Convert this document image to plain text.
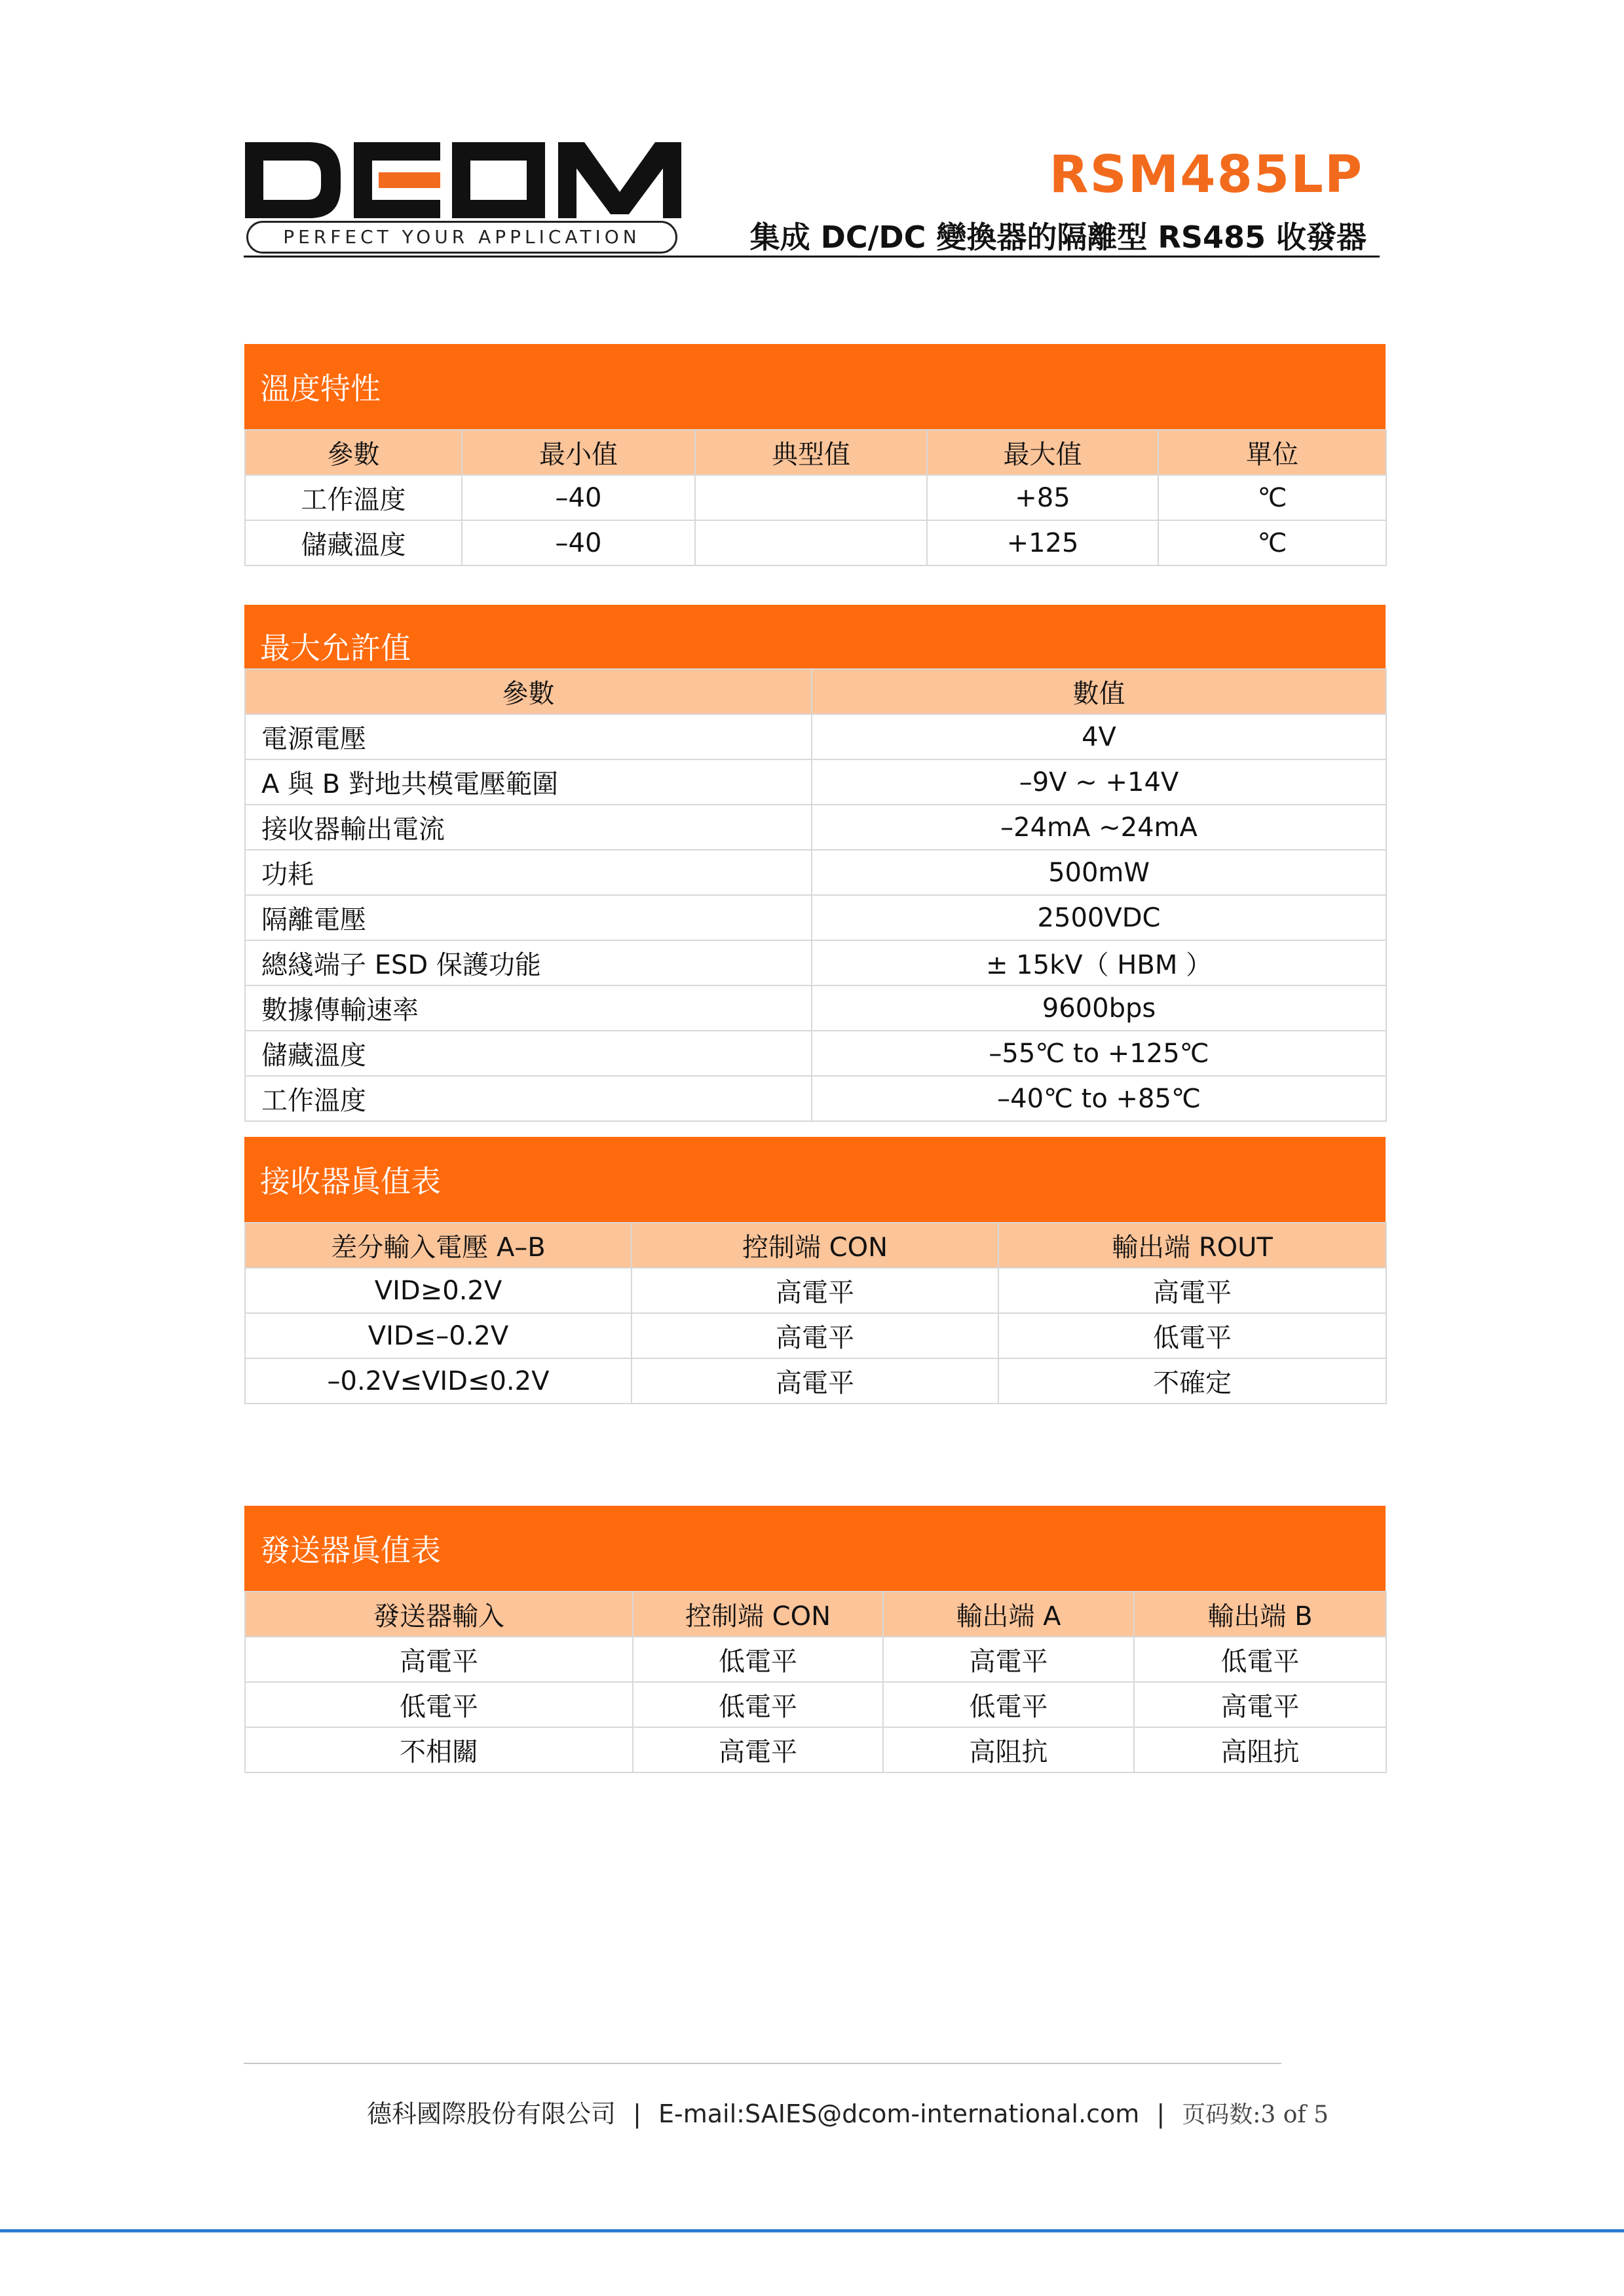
PERFECT YOUR APPLICATION
RSM485LP
集成 DC/DC 變換器的隔離型 RS485 收發器
溫度特性
參數	最小值	典型值	最大值	單位
工作溫度	–40		+85	℃
儲藏溫度	–40		+125	℃
最大允許值
參數	數值
電源電壓	4V
A 與 B 對地共模電壓範圍	–9V ~ +14V
接收器輸出電流	–24mA ~24mA
功耗	500mW
隔離電壓	2500VDC
總綫端子 ESD 保護功能	± 15kV（ HBM ）
數據傳輸速率	9600bps
儲藏溫度	–55℃ to +125℃
工作溫度	–40℃ to +85℃
接收器眞值表
差分輸入電壓 A–B	控制端 CON	輸出端 ROUT
VID≥0.2V	高電平	高電平
VID≤–0.2V	高電平	低電平
–0.2V≤VID≤0.2V	高電平	不確定
發送器眞值表
發送器輸入	控制端 CON	輸出端 A	輸出端 B
高電平	低電平	高電平	低電平
低電平	低電平	低電平	高電平
不相關	高電平	高阻抗	高阻抗
德科國際股份有限公司 | E-mail:SAIES@dcom-international.com | 页码数:3 of 5
